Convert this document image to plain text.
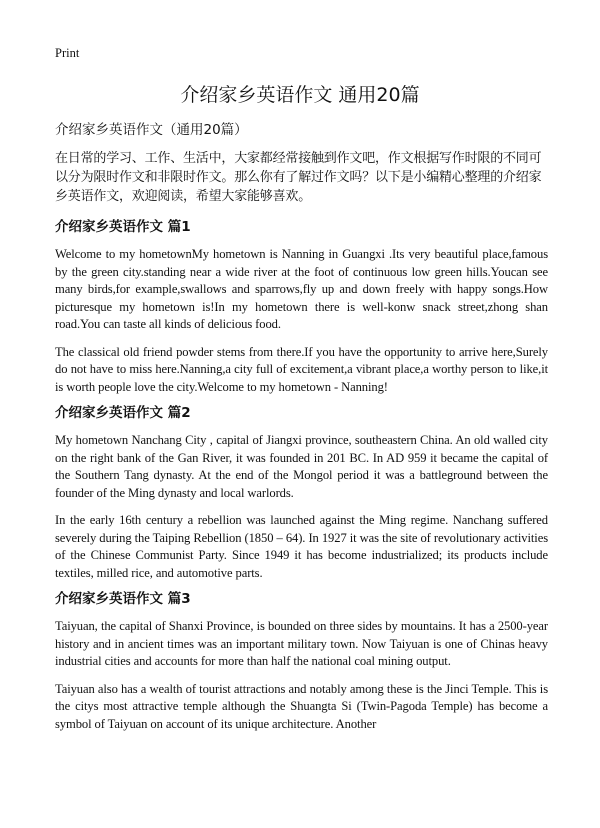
Print
介绍家乡英语作文 通用20篇

介绍家乡英语作文（通用20篇）

在日常的学习、工作、生活中，大家都经常接触到作文吧，作文根据写作时限的不同可以分为限时作文和非限时作文。那么你有了解过作文吗？以下是小编精心整理的介绍家乡英语作文，欢迎阅读，希望大家能够喜欢。

介绍家乡英语作文 篇1

Welcome to my hometownMy hometown is Nanning in Guangxi .Its very beautiful place,famous by the green city.standing near a wide river at the foot of continuous low green hills.Youcan see many birds,for example,swallows and sparrows,fly up and down freely with happy songs.How picturesque my hometown is!In my hometown there is well-konw snack street,zhong shan road.You can taste all kinds of delicious food.

The classical old friend powder stems from there.If you have the opportunity to arrive here,Surely do not have to miss here.Nanning,a city full of excitement,a vibrant place,a worthy person to like,it is worth people love the city.Welcome to my hometown - Nanning!

介绍家乡英语作文 篇2

My hometown Nanchang City , capital of Jiangxi province, southeastern China. An old walled city on the right bank of the Gan River, it was founded in 201 BC. In AD 959 it became the capital of the Southern Tang dynasty. At the end of the Mongol period it was a battleground between the founder of the Ming dynasty and local warlords.

In the early 16th century a rebellion was launched against the Ming regime. Nanchang suffered severely during the Taiping Rebellion (1850 – 64). In 1927 it was the site of revolutionary activities of the Chinese Communist Party. Since 1949 it has become industrialized; its products include textiles, milled rice, and automotive parts.

介绍家乡英语作文 篇3

Taiyuan, the capital of Shanxi Province, is bounded on three sides by mountains. It has a 2500-year history and in ancient times was an important military town. Now Taiyuan is one of Chinas heavy industrial cities and accounts for more than half the national coal mining output.

Taiyuan also has a wealth of tourist attractions and notably among these is the Jinci Temple. This is the citys most attractive temple although the Shuangta Si (Twin-Pagoda Temple) has become a symbol of Taiyuan on account of its unique architecture. Another
